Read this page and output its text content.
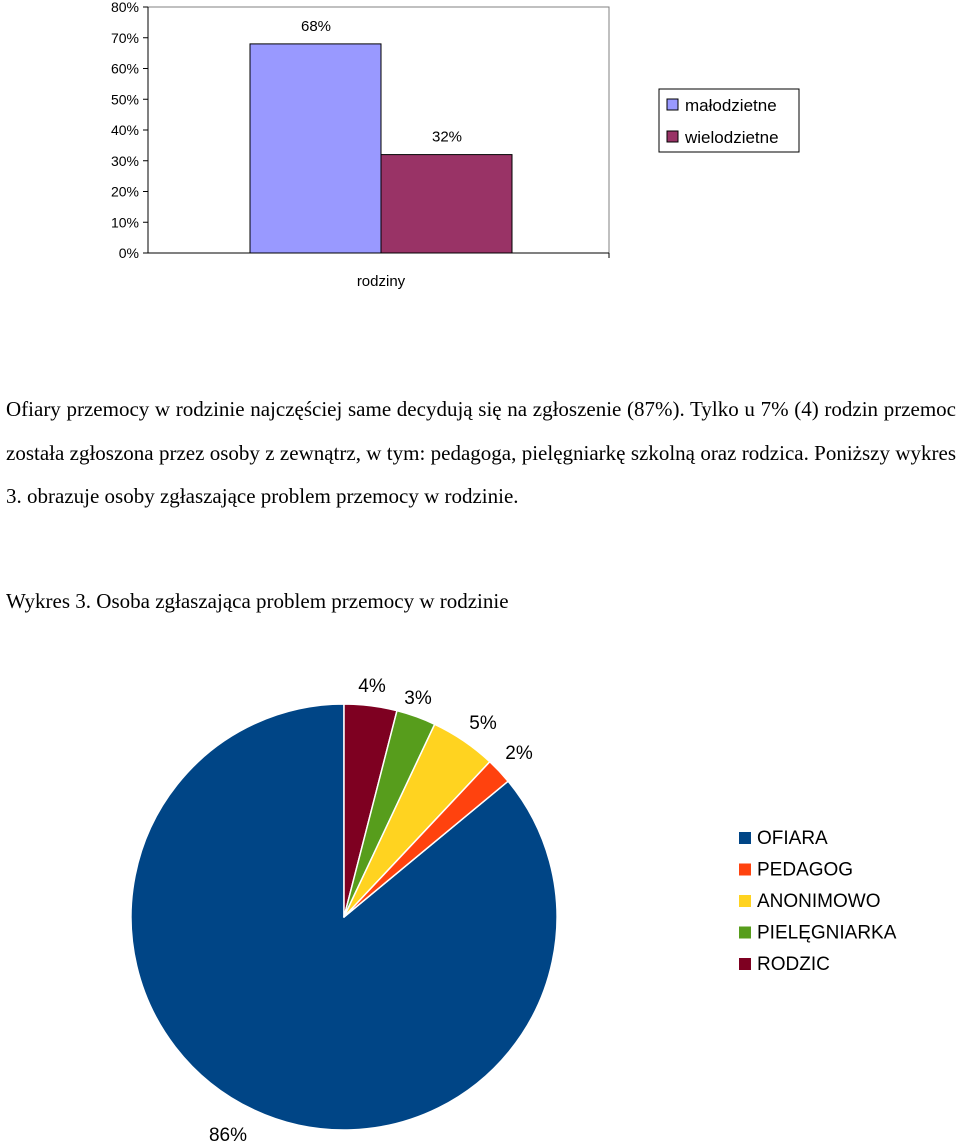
80%
70%
60%
50%
40%
30%
20%
10%
0%
68%
32%
rodziny
małodzietne
wielodzietne

Ofiary przemocy w rodzinie najczęściej same decydują się na zgłoszenie (87%). Tylko u 7% (4) rodzin przemoc została zgłoszona przez osoby z zewnątrz, w tym: pedagoga, pielęgniarkę szkolną oraz rodzica. Poniższy wykres 3. obrazuje osoby zgłaszające problem przemocy w rodzinie.

Wykres 3. Osoba zgłaszająca problem przemocy w rodzinie

86%
4%
3%
5%
2%
OFIARA
PEDAGOG
ANONIMOWO
PIELĘGNIARKA
RODZIC
